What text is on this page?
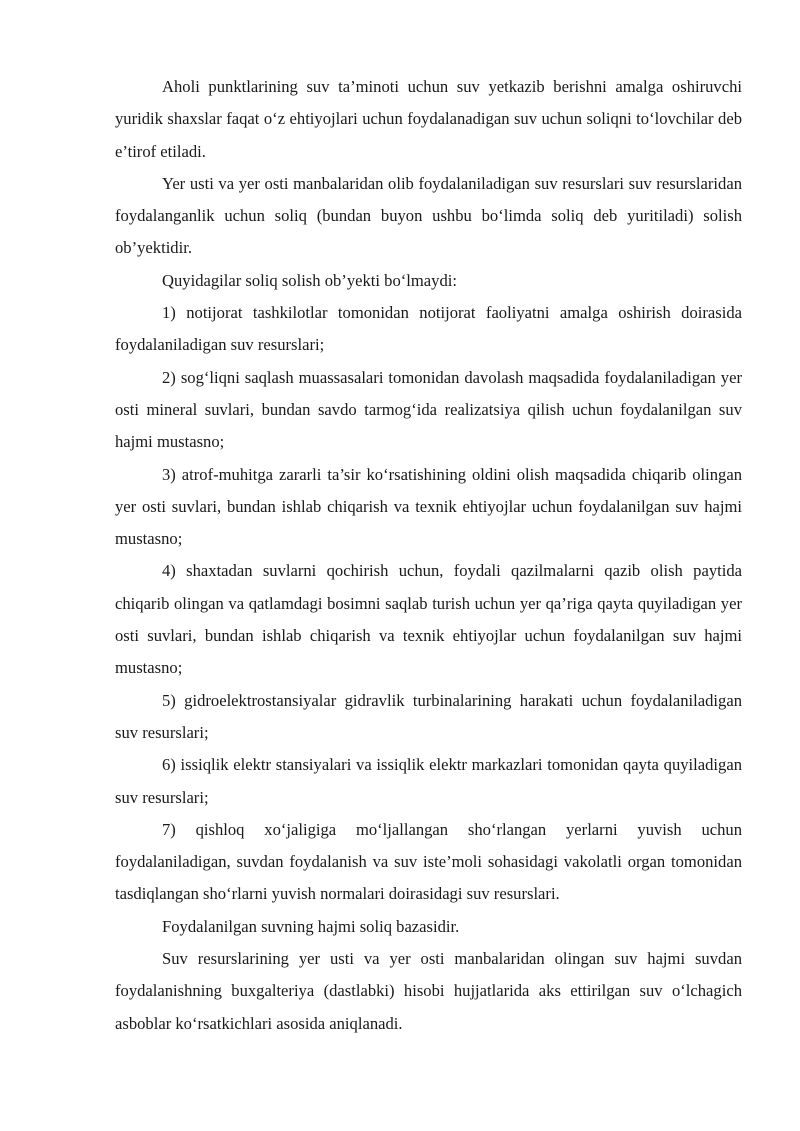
Aholi punktlarining suv ta’minoti uchun suv yetkazib berishni amalga oshiruvchi yuridik shaxslar faqat o‘z ehtiyojlari uchun foydalanadigan suv uchun soliqni to‘lovchilar deb e’tirof etiladi.

Yer usti va yer osti manbalaridan olib foydalaniladigan suv resurslari suv resurslaridan foydalanganlik uchun soliq (bundan buyon ushbu bo‘limda soliq deb yuritiladi) solish ob’yektidir.

Quyidagilar soliq solish ob’yekti bo‘lmaydi:

1) notijorat tashkilotlar tomonidan notijorat faoliyatni amalga oshirish doirasida foydalaniladigan suv resurslari;

2) sog‘liqni saqlash muassasalari tomonidan davolash maqsadida foydalaniladigan yer osti mineral suvlari, bundan savdo tarmog‘ida realizatsiya qilish uchun foydalanilgan suv hajmi mustasno;

3) atrof-muhitga zararli ta’sir ko‘rsatishining oldini olish maqsadida chiqarib olingan yer osti suvlari, bundan ishlab chiqarish va texnik ehtiyojlar uchun foydalanilgan suv hajmi mustasno;

4) shaxtadan suvlarni qochirish uchun, foydali qazilmalarni qazib olish paytida chiqarib olingan va qatlamdagi bosimni saqlab turish uchun yer qa’riga qayta quyiladigan yer osti suvlari, bundan ishlab chiqarish va texnik ehtiyojlar uchun foydalanilgan suv hajmi mustasno;

5) gidroelektrostansiyalar gidravlik turbinalarining harakati uchun foydalaniladigan suv resurslari;

6) issiqlik elektr stansiyalari va issiqlik elektr markazlari tomonidan qayta quyiladigan suv resurslari;

7) qishloq xo‘jaligiga mo‘ljallangan sho‘rlangan yerlarni yuvish uchun foydalaniladigan, suvdan foydalanish va suv iste’moli sohasidagi vakolatli organ tomonidan tasdiqlangan sho‘rlarni yuvish normalari doirasidagi suv resurslari.

Foydalanilgan suvning hajmi soliq bazasidir.

Suv resurslarining yer usti va yer osti manbalaridan olingan suv hajmi suvdan foydalanishning buxgalteriya (dastlabki) hisobi hujjatlarida aks ettirilgan suv o‘lchagich asboblar ko‘rsatkichlari asosida aniqlanadi.
